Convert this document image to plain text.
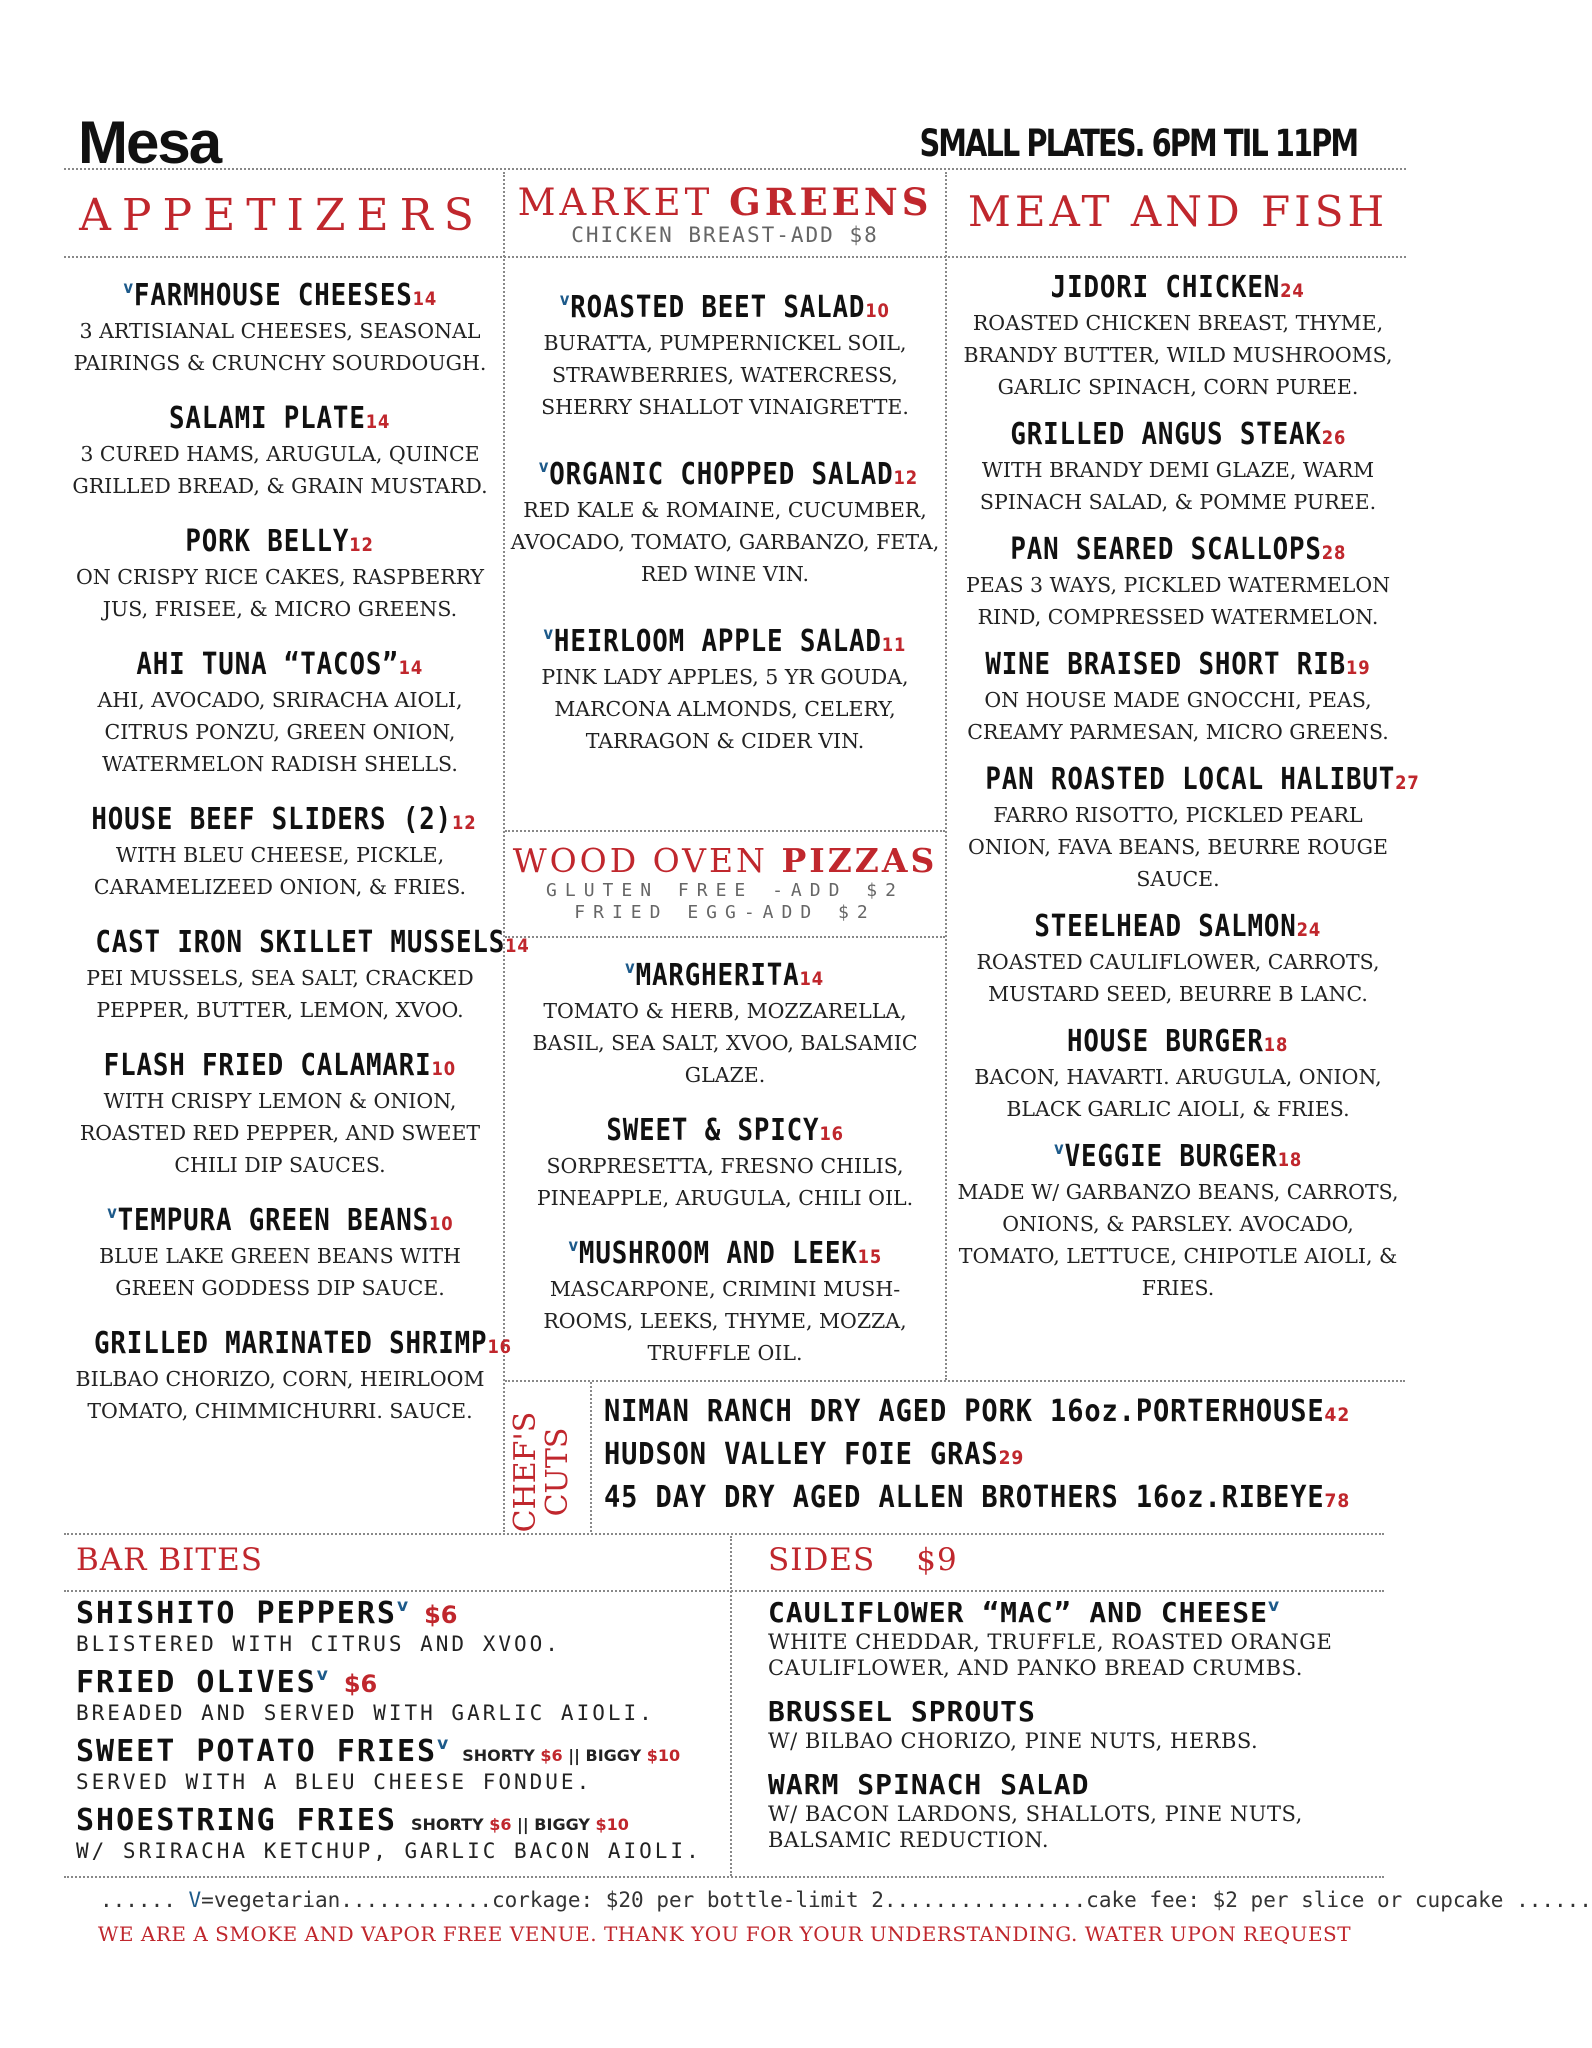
Mesa	SMALL PLATES. 6PM TIL 11PM
APPETIZERS MARKET GREENS
CHICKEN BREAST-ADD $8	MEAT AND FISH
$^v$FARMHOUSE CHEESES14
3 ARTISIANAL CHEESES, SEASONAL PAIRINGS & CRUNCHY SOURDOUGH.
SALAMI PLATE14
3 CURED HAMS, ARUGULA, QUINCE GRILLED BREAD, & GRAIN MUSTARD.
PORK BELLY12
ON CRISPY RICE CAKES, RASPBERRY JUS, FRISEE, & MICRO GREENS.
AHI TUNA “TACOS”14
AHI, AVOCADO, SRIRACHA AIOLI, CITRUS PONZU, GREEN ONION, WATERMELON RADISH SHELLS.
HOUSE BEEF SLIDERS (2)12
WITH BLEU CHEESE, PICKLE, CARAMELIZEED ONION, & FRIES.
CAST IRON SKILLET MUSSELS14
PEI MUSSELS, SEA SALT, CRACKED PEPPER, BUTTER, LEMON, XVOO.
FLASH FRIED CALAMARI10
WITH CRISPY LEMON & ONION, ROASTED RED PEPPER, AND SWEET CHILI DIP SAUCES.
$^v$TEMPURA GREEN BEANS10
BLUE LAKE GREEN BEANS WITH GREEN GODDESS DIP SAUCE.
GRILLED MARINATED SHRIMP16
BILBAO CHORIZO, CORN, HEIRLOOM TOMATO, CHIMMICHURRI. SAUCE.
$^v$ROASTED BEET SALAD10
BURATTA, PUMPERNICKEL SOIL, STRAWBERRIES, WATERCRESS, SHERRY SHALLOT VINAIGRETTE.
$^v$ORGANIC CHOPPED SALAD12
RED KALE & ROMAINE, CUCUMBER, AVOCADO, TOMATO, GARBANZO, FETA, RED WINE VIN.
$^v$HEIRLOOM APPLE SALAD11
PINK LADY APPLES, 5 YR GOUDA, MARCONA ALMONDS, CELERY, TARRAGON & CIDER VIN.
WOOD OVEN PIZZAS
GLUTEN FREE -ADD $2
FRIED EGG-ADD $2
$^v$MARGHERITA14
TOMATO & HERB, MOZZARELLA, BASIL, SEA SALT, XVOO, BALSAMIC GLAZE.
SWEET & SPICY16
SORPRESETTA, FRESNO CHILIS, PINEAPPLE, ARUGULA, CHILI OIL.
$^v$MUSHROOM AND LEEK15
MASCARPONE, CRIMINI MUSH-ROOMS, LEEKS, THYME, MOZZA, TRUFFLE OIL.
JIDORI CHICKEN24
ROASTED CHICKEN BREAST, THYME, BRANDY BUTTER, WILD MUSHROOMS, GARLIC SPINACH, CORN PUREE.
GRILLED ANGUS STEAK26
WITH BRANDY DEMI GLAZE, WARM SPINACH SALAD, & POMME PUREE.
PAN SEARED SCALLOPS28
PEAS 3 WAYS, PICKLED WATERMELON RIND, COMPRESSED WATERMELON.
WINE BRAISED SHORT RIB19
ON HOUSE MADE GNOCCHI, PEAS, CREAMY PARMESAN, MICRO GREENS.
PAN ROASTED LOCAL HALIBUT27
FARRO RISOTTO, PICKLED PEARL ONION, FAVA BEANS, BEURRE ROUGE SAUCE.
STEELHEAD SALMON24
ROASTED CAULIFLOWER, CARROTS, MUSTARD SEED, BEURRE B LANC.
HOUSE BURGER18
BACON, HAVARTI. ARUGULA, ONION, BLACK GARLIC AIOLI, & FRIES.
$^v$VEGGIE BURGER18
MADE W/ GARBANZO BEANS, CARROTS, ONIONS, & PARSLEY. AVOCADO, TOMATO, LETTUCE, CHIPOTLE AIOLI, & FRIES.
CHEF'S
CUTS
NIMAN RANCH DRY AGED PORK 16oz.PORTERHOUSE42
HUDSON VALLEY FOIE GRAS29
45 DAY DRY AGED ALLEN BROTHERS 16oz.RIBEYE78
BAR BITES	SIDES $9
SHISHITO PEPPERSv $6
BLISTERED WITH CITRUS AND XVOO.
FRIED OLIVESv $6
BREADED AND SERVED WITH GARLIC AIOLI.
SWEET POTATO FRIESvSHORTY $6 || BIGGY $10
SERVED WITH A BLEU CHEESE FONDUE.
SHOESTRING FRIES SHORTY $6 || BIGGY $10
W/ SRIRACHA KETCHUP, GARLIC BACON AIOLI.
CAULIFLOWER “MAC” AND CHEESEv
WHITE CHEDDAR, TRUFFLE, ROASTED ORANGE CAULIFLOWER, AND PANKO BREAD CRUMBS.
BRUSSEL SPROUTS
W/ BILBAO CHORIZO, PINE NUTS, HERBS.
WARM SPINACH SALAD
W/ BACON LARDONS, SHALLOTS, PINE NUTS, BALSAMIC REDUCTION.
...... V=vegetarian............corkage: $20 per bottle-limit 2................cake fee: $2 per slice or cupcake ......
WE ARE A SMOKE AND VAPOR FREE VENUE. THANK YOU FOR YOUR UNDERSTANDING. WATER UPON REQUEST
